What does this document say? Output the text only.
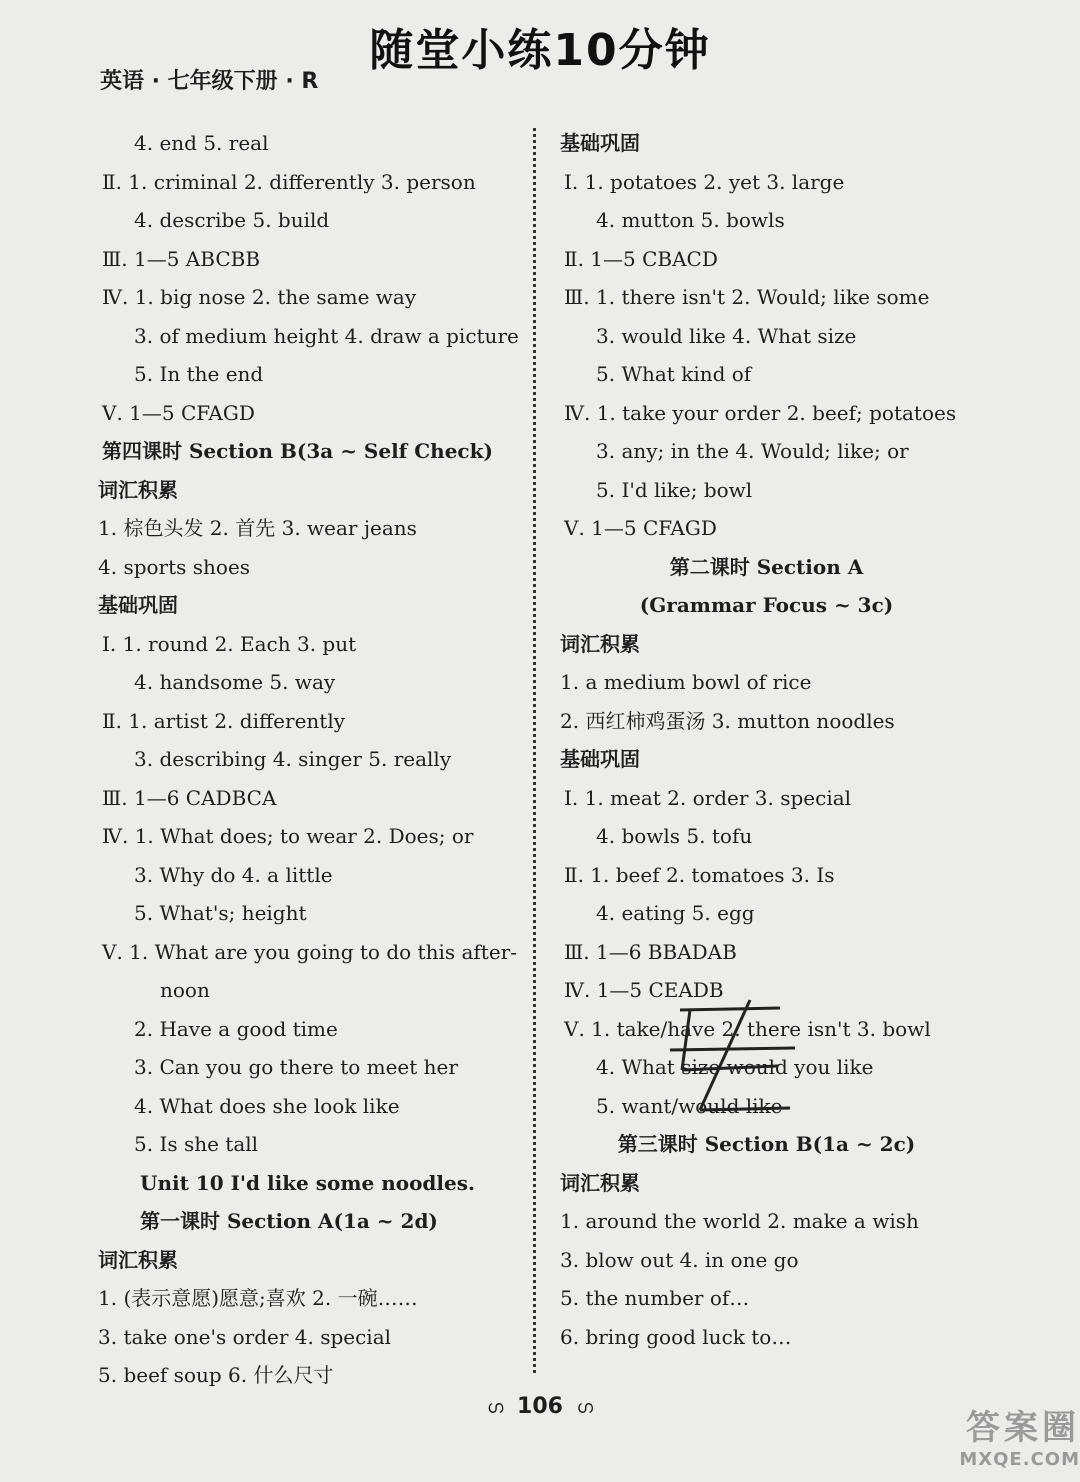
随堂小练10分钟
英语 · 七年级下册 · R
4. end 5. real
Ⅱ. 1. criminal 2. differently 3. person
4. describe 5. build
Ⅲ. 1—5 ABCBB
Ⅳ. 1. big nose 2. the same way
3. of medium height 4. draw a picture
5. In the end
Ⅴ. 1—5 CFAGD
第四课时 Section B(3a ~ Self Check)
词汇积累
1. 棕色头发 2. 首先 3. wear jeans
4. sports shoes
基础巩固
Ⅰ. 1. round 2. Each 3. put
4. handsome 5. way
Ⅱ. 1. artist 2. differently
3. describing 4. singer 5. really
Ⅲ. 1—6 CADBCA
Ⅳ. 1. What does; to wear 2. Does; or
3. Why do 4. a little
5. What's; height
Ⅴ. 1. What are you going to do this after-
noon
2. Have a good time
3. Can you go there to meet her
4. What does she look like
5. Is she tall
Unit 10 I'd like some noodles.
第一课时 Section A(1a ~ 2d)
词汇积累
1. (表示意愿)愿意;喜欢 2. 一碗……
3. take one's order 4. special
5. beef soup 6. 什么尺寸
基础巩固
Ⅰ. 1. potatoes 2. yet 3. large
4. mutton 5. bowls
Ⅱ. 1—5 CBACD
Ⅲ. 1. there isn't 2. Would; like some
3. would like 4. What size
5. What kind of
Ⅳ. 1. take your order 2. beef; potatoes
3. any; in the 4. Would; like; or
5. I'd like; bowl
Ⅴ. 1—5 CFAGD
第二课时 Section A
(Grammar Focus ~ 3c)
词汇积累
1. a medium bowl of rice
2. 西红柿鸡蛋汤 3. mutton noodles
基础巩固
Ⅰ. 1. meat 2. order 3. special
4. bowls 5. tofu
Ⅱ. 1. beef 2. tomatoes 3. Is
4. eating 5. egg
Ⅲ. 1—6 BBADAB
Ⅳ. 1—5 CEADB
Ⅴ. 1. take/have 2. there isn't 3. bowl
4. What size would you like
5. want/would like
第三课时 Section B(1a ~ 2c)
词汇积累
1. around the world 2. make a wish
3. blow out 4. in one go
5. the number of…
6. bring good luck to…
ഗ 106 ഗ
答案圈
MXQE.COM
